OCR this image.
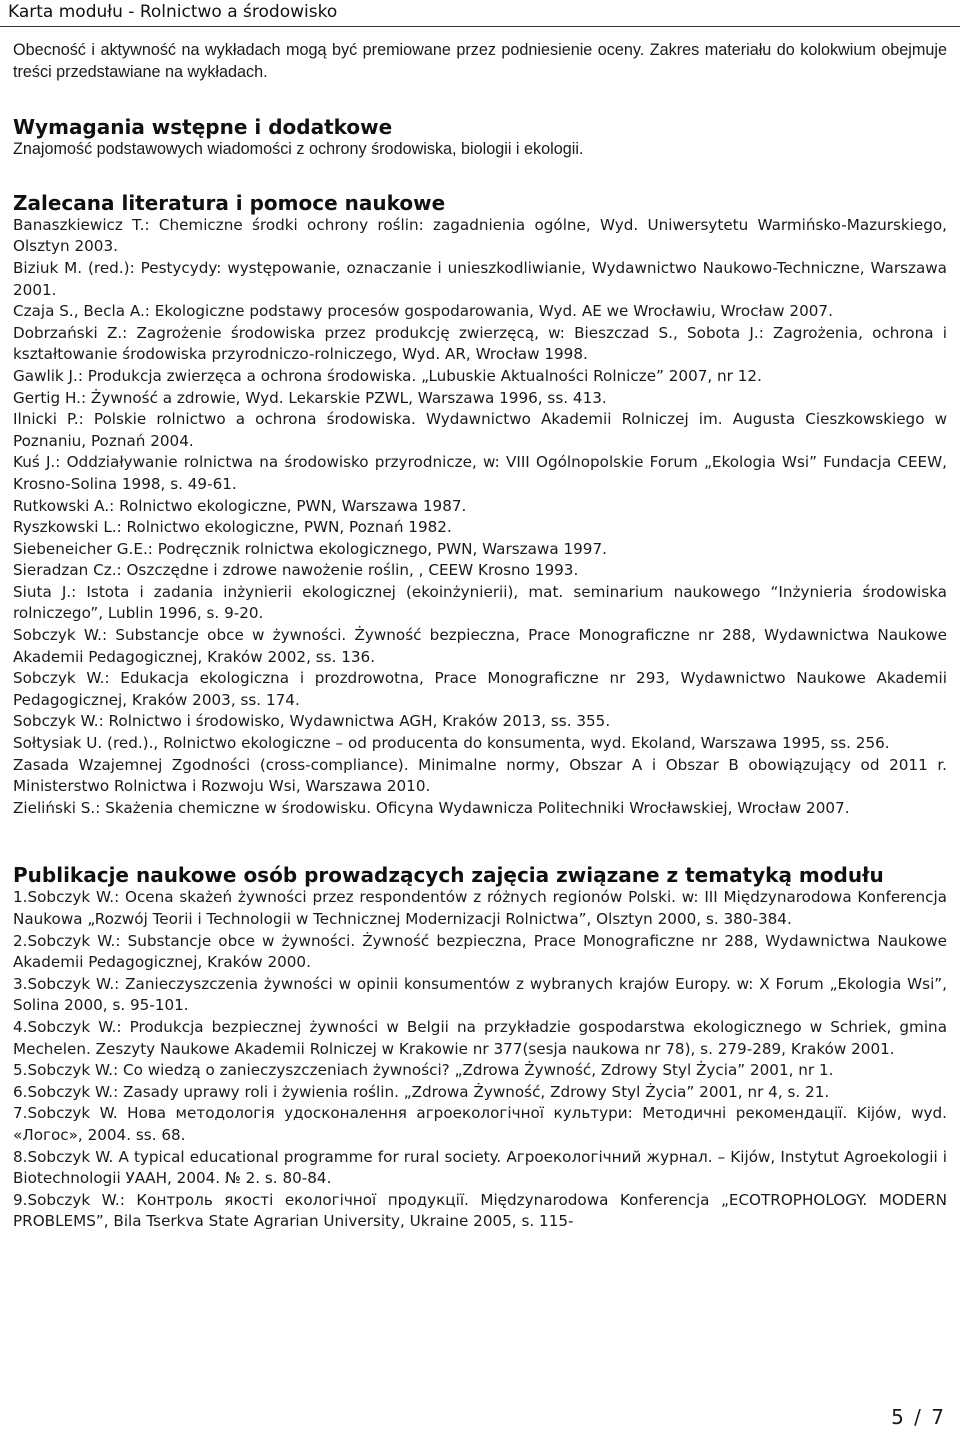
Karta modułu - Rolnictwo a środowisko

Obecność i aktywność na wykładach mogą być premiowane przez podniesienie oceny. Zakres materiału do kolokwium obejmuje treści przedstawiane na wykładach.

Wymagania wstępne i dodatkowe

Znajomość podstawowych wiadomości z ochrony środowiska, biologii i ekologii.

Zalecana literatura i pomoce naukowe

Banaszkiewicz T.: Chemiczne środki ochrony roślin: zagadnienia ogólne, Wyd. Uniwersytetu Warmińsko-Mazurskiego, Olsztyn 2003.

Biziuk M. (red.): Pestycydy: występowanie, oznaczanie i unieszkodliwianie, Wydawnictwo Naukowo-Techniczne, Warszawa 2001.

Czaja S., Becla A.: Ekologiczne podstawy procesów gospodarowania, Wyd. AE we Wrocławiu, Wrocław 2007.

Dobrzański Z.: Zagrożenie środowiska przez produkcję zwierzęcą, w: Bieszczad S., Sobota J.: Zagrożenia, ochrona i kształtowanie środowiska przyrodniczo-rolniczego, Wyd. AR, Wrocław 1998.

Gawlik J.: Produkcja zwierzęca a ochrona środowiska. „Lubuskie Aktualności Rolnicze” 2007, nr 12.

Gertig H.: Żywność a zdrowie, Wyd. Lekarskie PZWL, Warszawa 1996, ss. 413.

Ilnicki P.: Polskie rolnictwo a ochrona środowiska. Wydawnictwo Akademii Rolniczej im. Augusta Cieszkowskiego w Poznaniu, Poznań 2004.

Kuś J.: Oddziaływanie rolnictwa na środowisko przyrodnicze, w: VIII Ogólnopolskie Forum „Ekologia Wsi” Fundacja CEEW, Krosno-Solina 1998, s. 49-61.

Rutkowski A.: Rolnictwo ekologiczne, PWN, Warszawa 1987.

Ryszkowski L.: Rolnictwo ekologiczne, PWN, Poznań 1982.

Siebeneicher G.E.: Podręcznik rolnictwa ekologicznego, PWN, Warszawa 1997.

Sieradzan Cz.: Oszczędne i zdrowe nawożenie roślin, , CEEW Krosno 1993.

Siuta J.: Istota i zadania inżynierii ekologicznej (ekoinżynierii), mat. seminarium naukowego “Inżynieria środowiska rolniczego”, Lublin 1996, s. 9-20.

Sobczyk W.: Substancje obce w żywności. Żywność bezpieczna, Prace Monograficzne nr 288, Wydawnictwa Naukowe Akademii Pedagogicznej, Kraków 2002, ss. 136.

Sobczyk W.: Edukacja ekologiczna i prozdrowotna, Prace Monograficzne nr 293, Wydawnictwo Naukowe Akademii Pedagogicznej, Kraków 2003, ss. 174.

Sobczyk W.: Rolnictwo i środowisko, Wydawnictwa AGH, Kraków 2013, ss. 355.

Sołtysiak U. (red.)., Rolnictwo ekologiczne – od producenta do konsumenta, wyd. Ekoland, Warszawa 1995, ss. 256.

Zasada Wzajemnej Zgodności (cross-compliance). Minimalne normy, Obszar A i Obszar B obowiązujący od 2011 r. Ministerstwo Rolnictwa i Rozwoju Wsi, Warszawa 2010.

Zieliński S.: Skażenia chemiczne w środowisku. Oficyna Wydawnicza Politechniki Wrocławskiej, Wrocław 2007.

Publikacje naukowe osób prowadzących zajęcia związane z tematyką modułu

1.Sobczyk W.: Ocena skażeń żywności przez respondentów z różnych regionów Polski. w: III Międzynarodowa Konferencja Naukowa „Rozwój Teorii i Technologii w Technicznej Modernizacji Rolnictwa”, Olsztyn 2000, s. 380-384.

2.Sobczyk W.: Substancje obce w żywności. Żywność bezpieczna, Prace Monograficzne nr 288, Wydawnictwa Naukowe Akademii Pedagogicznej, Kraków 2000.

3.Sobczyk W.: Zanieczyszczenia żywności w opinii konsumentów z wybranych krajów Europy. w: X Forum „Ekologia Wsi”, Solina 2000, s. 95-101.

4.Sobczyk W.: Produkcja bezpiecznej żywności w Belgii na przykładzie gospodarstwa ekologicznego w Schriek, gmina Mechelen. Zeszyty Naukowe Akademii Rolniczej w Krakowie nr 377(sesja naukowa nr 78), s. 279-289, Kraków 2001.

5.Sobczyk W.: Co wiedzą o zanieczyszczeniach żywności? „Zdrowa Żywność, Zdrowy Styl Życia” 2001, nr 1.

6.Sobczyk W.: Zasady uprawy roli i żywienia roślin. „Zdrowa Żywność, Zdrowy Styl Życia” 2001, nr 4, s. 21.

7.Sobczyk W. Нова методологія удосконалення агроекологічної культури: Методичні рекомендації. Kijów, wyd. «Логос», 2004. ss. 68.

8.Sobczyk W. A typical educational programme for rural society. Агроекологічний журнал. – Kijów, Instytut Agroekologii i Biotechnologii УААН, 2004. № 2. s. 80-84.

9.Sobczyk W.: Контроль якості екологічної продукції. Międzynarodowa Konferencja „ECOTROPHOLOGY. MODERN PROBLEMS”, Bila Tserkva State Agrarian University, Ukraine 2005, s. 115-

5 / 7
